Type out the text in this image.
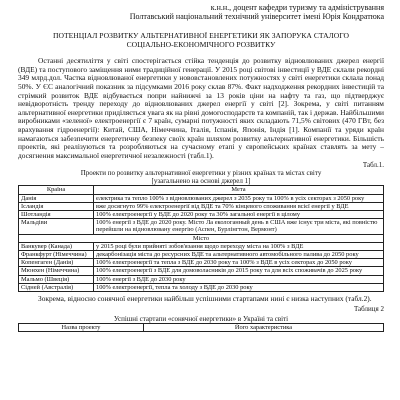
к.н.н., доцент кафедри туризму та адміністрування
Полтавський національний технічний університет імені Юрія Кондратюка
ПОТЕНЦІАЛ РОЗВИТКУ АЛЬТЕРНАТИВНОЇ ЕНЕРГЕТИКИ ЯК ЗАПОРУКА СТАЛОГО
СОЦІАЛЬНО-ЕКОНОМІЧНОГО РОЗВИТКУ
Останні десятиліття у світі спостерігається стійка тенденція до розвитку відновлюваних джерел енергії (ВДЕ) та поступового заміщення ними традиційної генерації. У 2015 році світові інвестиції у ВДЕ склали рекордні 349 млрд.дол. Частка відновлюваної енергетики у нововстановлених потужностях у світі енергетики склала понад 50%. У ЄС аналогічний показник за підсумками 2016 року склав 87%. Факт надходження рекордних інвестицій та стрімкий розвиток ВДЕ відбувається попри найнижчі за 13 років ціни на нафту та газ, що підтверджує невідворотність тренду переходу до відновлюваних джерел енергії у світі [2]. Зокрема, у світі питанням альтернативної енергетики приділяється увага як на рівні домогосподарств та компаній, так і держав. Найбільшими виробниками «зеленої» електроенергії є 7 країн, сумарні потужності яких складають 71,5% світових (470 ГВт, без врахування гідроенергії): Китай, США, Німеччина, Італія, Іспанія, Японія, Індія [1]. Компанії та уряди країн намагаються забезпечити енергетичну безпеку своїх країн шляхом розвитку альтернативної енергетики. Більшість проектів, які реалізуються та розробляються на сучасному етапі у європейських країнах ставлять за мету – досягнення максимальної енергетичної незалежності (табл.1).
Табл.1.
Проекти по розвитку альтернативної енергетики у різних країнах та містах світу
[узагальнено на основі джерел 1]
Країна	Мета
Данія	електрика та тепло 100% з відновлюваних джерел з 2035 року та 100% в усіх секторах з 2050 року
Ісландія	вже досягнуто 99% електроенергії від ВДЕ та 70% кінцевого споживання всієї енергії у ВДЕ
Шотландія	100% електроенергії у ВДЕ до 2020 року та 30% загальної енергії в цілому
Мальдіви	100% енергії з ВДЕ до 2020 року. Місто Ла екологанный день в США вже існує три міста, які повністю перейшли на відновлювану енергію (Аспен, Бурлінгтон, Вермонт)
Місто	
Ванкувер (Канада)	у 2015 році були прийняті зобов'язання щодо переходу міста на 100% з ВДЕ
Франкфурт (Німеччина)	декарбонізація міста до ресурсних ВДЕ та альтернативного автомобільного палива до 2050 року
Копенгаген (Данія)	100% електроенергії та тепла з ВДЕ до 2030 року та 100% з ВДЕ в усіх секторах до 2050 року
Мюнхен (Німеччина)	100% електроенергії з ВДЕ для домоволасників до 2015 року та для всіх споживачів до 2025 року
Мальмо (Швеція)	100% енергії з ВДЕ до 2030 року
Сідней (Австралія)	100% електроенергії, тепла та холоду з ВДЕ до 2030 року
Зокрема, відносно сонячної енергетики найбільш успішними стартапами нині є низка наступних (табл.2).
Таблиця 2
Успішні стартапи «сонячної енергетики» в Україні та світі
Назва проекту	Його характеристика
